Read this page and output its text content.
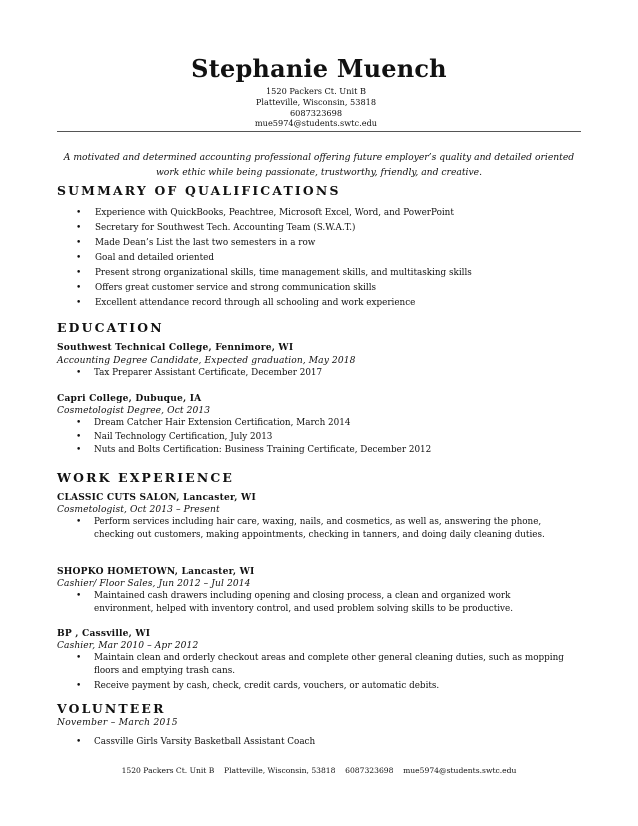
Stephanie Muench
1520 Packers Ct. Unit B
Platteville, Wisconsin, 53818
6087323698
mue5974@students.swtc.edu
A motivated and determined accounting professional offering future employer’s quality and detailed oriented work ethic while being passionate, trustworthy, friendly, and creative.
SUMMARY OF QUALIFICATIONS
• Experience with QuickBooks, Peachtree, Microsoft Excel, Word, and PowerPoint
• Secretary for Southwest Tech. Accounting Team (S.W.A.T.)
• Made Dean’s List the last two semesters in a row
• Goal and detailed oriented
• Present strong organizational skills, time management skills, and multitasking skills
• Offers great customer service and strong communication skills
• Excellent attendance record through all schooling and work experience
EDUCATION
Southwest Technical College, Fennimore, WI
Accounting Degree Candidate, Expected graduation, May 2018
• Tax Preparer Assistant Certificate, December 2017
Capri College, Dubuque, IA
Cosmetologist Degree, Oct 2013
• Dream Catcher Hair Extension Certification, March 2014
• Nail Technology Certification, July 2013
• Nuts and Bolts Certification: Business Training Certificate, December 2012
WORK EXPERIENCE
CLASSIC CUTS SALON, Lancaster, WI
Cosmetologist, Oct 2013 – Present
• Perform services including hair care, waxing, nails, and cosmetics, as well as, answering the phone, checking out customers, making appointments, checking in tanners, and doing daily cleaning duties.
SHOPKO HOMETOWN, Lancaster, WI
Cashier/ Floor Sales, Jun 2012 – Jul 2014
• Maintained cash drawers including opening and closing process, a clean and organized work environment, helped with inventory control, and used problem solving skills to be productive.
BP , Cassville, WI
Cashier, Mar 2010 – Apr 2012
• Maintain clean and orderly checkout areas and complete other general cleaning duties, such as mopping floors and emptying trash cans.
• Receive payment by cash, check, credit cards, vouchers, or automatic debits.
VOLUNTEER
November – March 2015
• Cassville Girls Varsity Basketball Assistant Coach
1520 Packers Ct. Unit B    Platteville, Wisconsin, 53818    6087323698    mue5974@students.swtc.edu
